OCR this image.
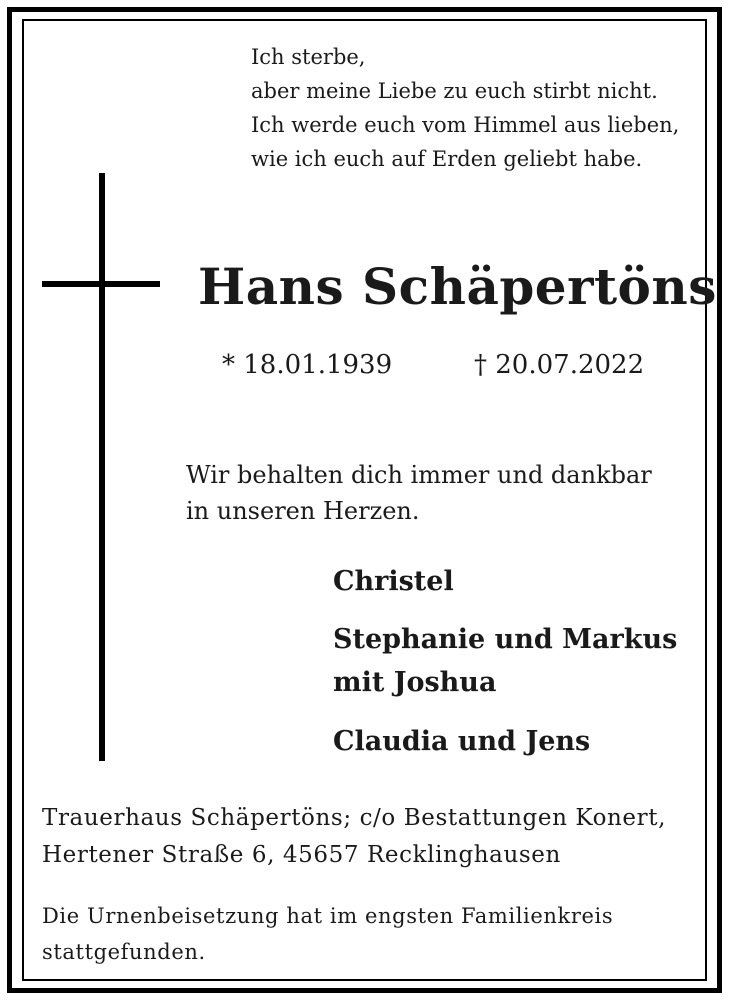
Ich sterbe,
aber meine Liebe zu euch stirbt nicht.
Ich werde euch vom Himmel aus lieben,
wie ich euch auf Erden geliebt habe.
Hans Schäpertöns
* 18.01.1939	† 20.07.2022
Wir behalten dich immer und dankbar
in unseren Herzen.
Christel
Stephanie und Markus
mit Joshua
Claudia und Jens
Trauerhaus Schäpertöns; c/o Bestattungen Konert,
Hertener Straße 6, 45657 Recklinghausen
Die Urnenbeisetzung hat im engsten Familienkreis
stattgefunden.
